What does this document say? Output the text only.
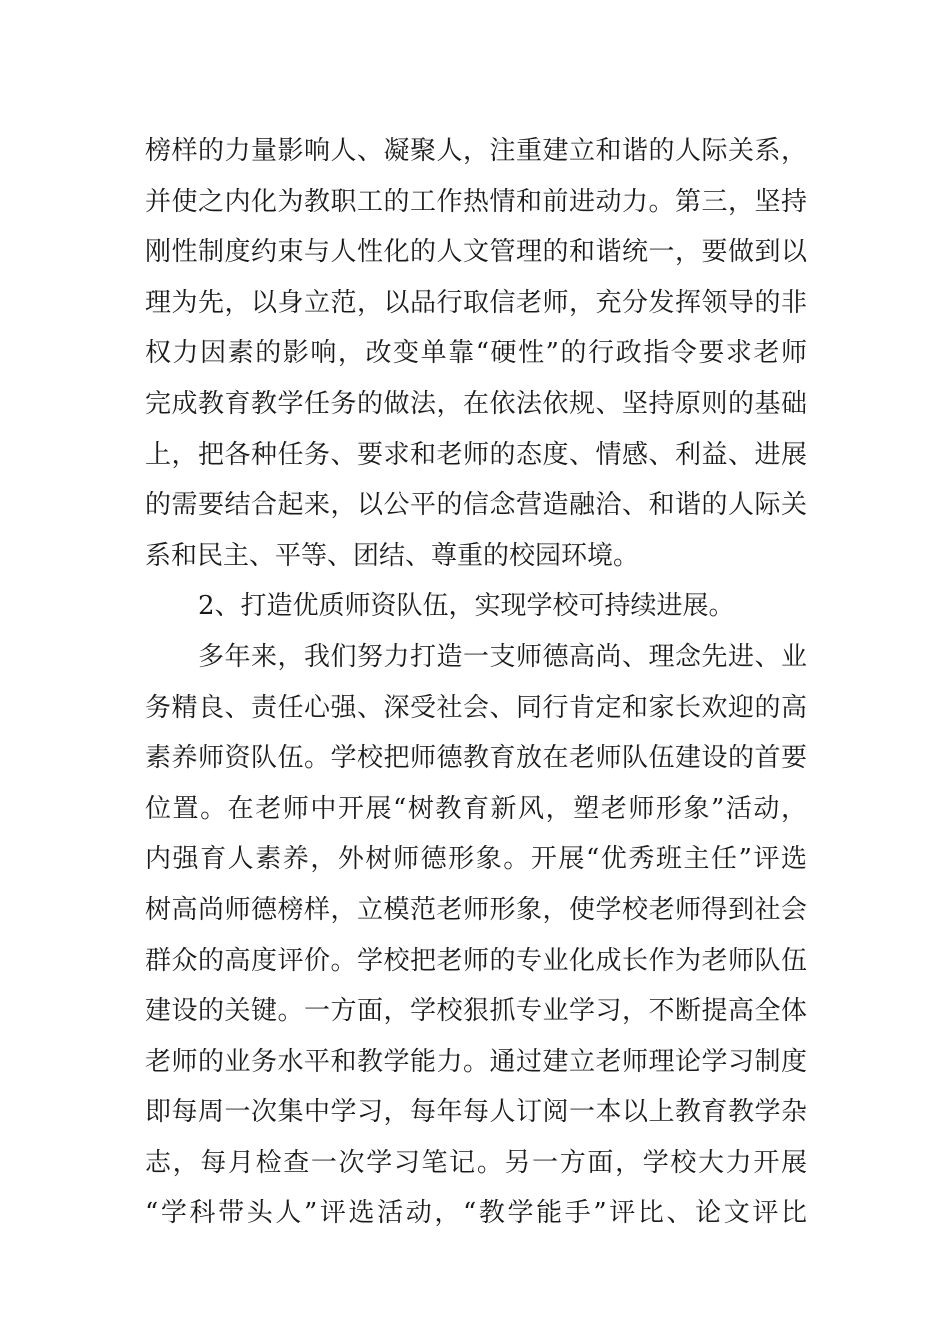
榜样的力量影响人、凝聚人，注重建立和谐的人际关系，
并使之内化为教职工的工作热情和前进动力。第三，坚持
刚性制度约束与人性化的人文管理的和谐统一，要做到以
理为先，以身立范，以品行取信老师，充分发挥领导的非
权力因素的影响，改变单靠“硬性”的行政指令要求老师
完成教育教学任务的做法，在依法依规、坚持原则的基础
上，把各种任务、要求和老师的态度、情感、利益、进展
的需要结合起来，以公平的信念营造融洽、和谐的人际关
系和民主、平等、团结、尊重的校园环境。
2、打造优质师资队伍，实现学校可持续进展。
多年来，我们努力打造一支师德高尚、理念先进、业
务精良、责任心强、深受社会、同行肯定和家长欢迎的高
素养师资队伍。学校把师德教育放在老师队伍建设的首要
位置。在老师中开展“树教育新风，塑老师形象”活动，
内强育人素养，外树师德形象。开展“优秀班主任”评选
树高尚师德榜样，立模范老师形象，使学校老师得到社会
群众的高度评价。学校把老师的专业化成长作为老师队伍
建设的关键。一方面，学校狠抓专业学习，不断提高全体
老师的业务水平和教学能力。通过建立老师理论学习制度
即每周一次集中学习，每年每人订阅一本以上教育教学杂
志，每月检查一次学习笔记。另一方面，学校大力开展
“学科带头人”评选活动，“教学能手”评比、论文评比
